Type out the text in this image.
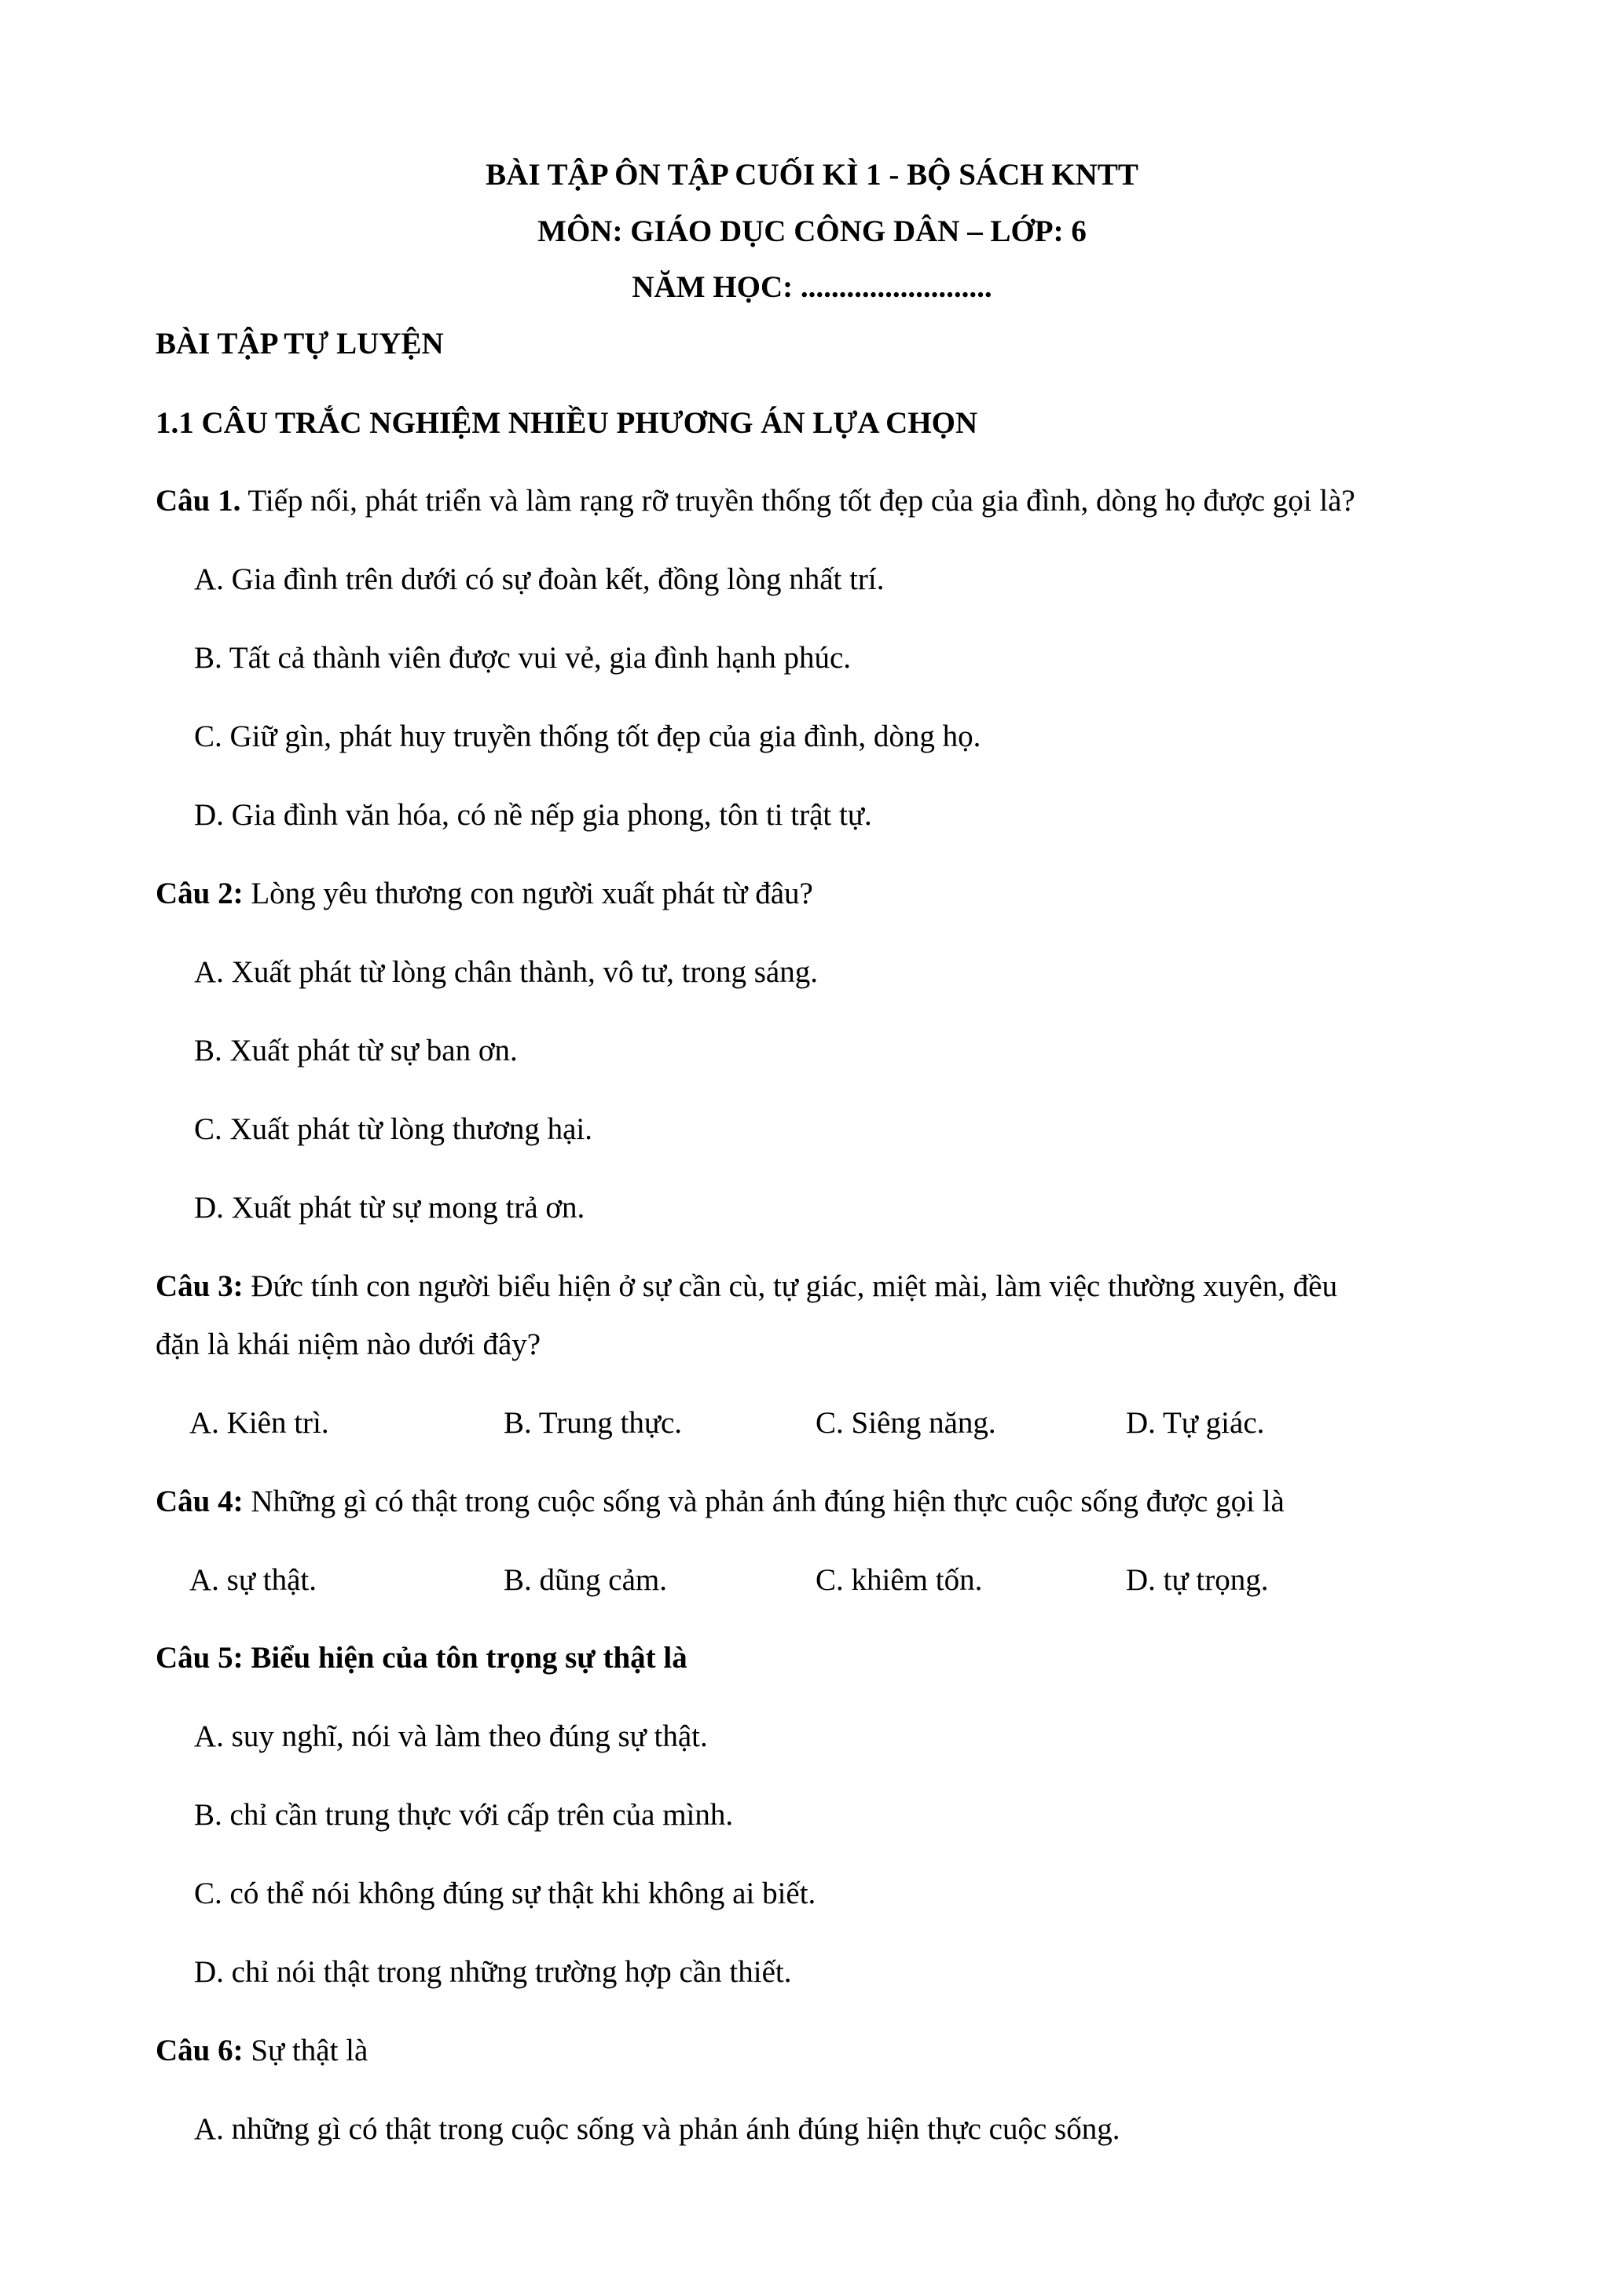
BÀI TẬP ÔN TẬP CUỐI KÌ 1 - BỘ SÁCH KNTT
MÔN: GIÁO DỤC CÔNG DÂN – LỚP: 6
NĂM HỌC: .........................
BÀI TẬP TỰ LUYỆN
1.1 CÂU TRẮC NGHIỆM NHIỀU PHƯƠNG ÁN LỰA CHỌN
Câu 1. Tiếp nối, phát triển và làm rạng rỡ truyền thống tốt đẹp của gia đình, dòng họ được gọi là?
A. Gia đình trên dưới có sự đoàn kết, đồng lòng nhất trí.
B. Tất cả thành viên được vui vẻ, gia đình hạnh phúc.
C. Giữ gìn, phát huy truyền thống tốt đẹp của gia đình, dòng họ.
D. Gia đình văn hóa, có nề nếp gia phong, tôn ti trật tự.
Câu 2: Lòng yêu thương con người xuất phát từ đâu?
A. Xuất phát từ lòng chân thành, vô tư, trong sáng.
B. Xuất phát từ sự ban ơn.
C. Xuất phát từ lòng thương hại.
D. Xuất phát từ sự mong trả ơn.
Câu 3: Đức tính con người biểu hiện ở sự cần cù, tự giác, miệt mài, làm việc thường xuyên, đều
đặn là khái niệm nào dưới đây?
A. Kiên trì.	B. Trung thực.	C. Siêng năng.	D. Tự giác.
Câu 4: Những gì có thật trong cuộc sống và phản ánh đúng hiện thực cuộc sống được gọi là
A. sự thật.	B. dũng cảm.	C. khiêm tốn.	D. tự trọng.
Câu 5: Biểu hiện của tôn trọng sự thật là
A. suy nghĩ, nói và làm theo đúng sự thật.
B. chỉ cần trung thực với cấp trên của mình.
C. có thể nói không đúng sự thật khi không ai biết.
D. chỉ nói thật trong những trường hợp cần thiết.
Câu 6: Sự thật là
A. những gì có thật trong cuộc sống và phản ánh đúng hiện thực cuộc sống.
